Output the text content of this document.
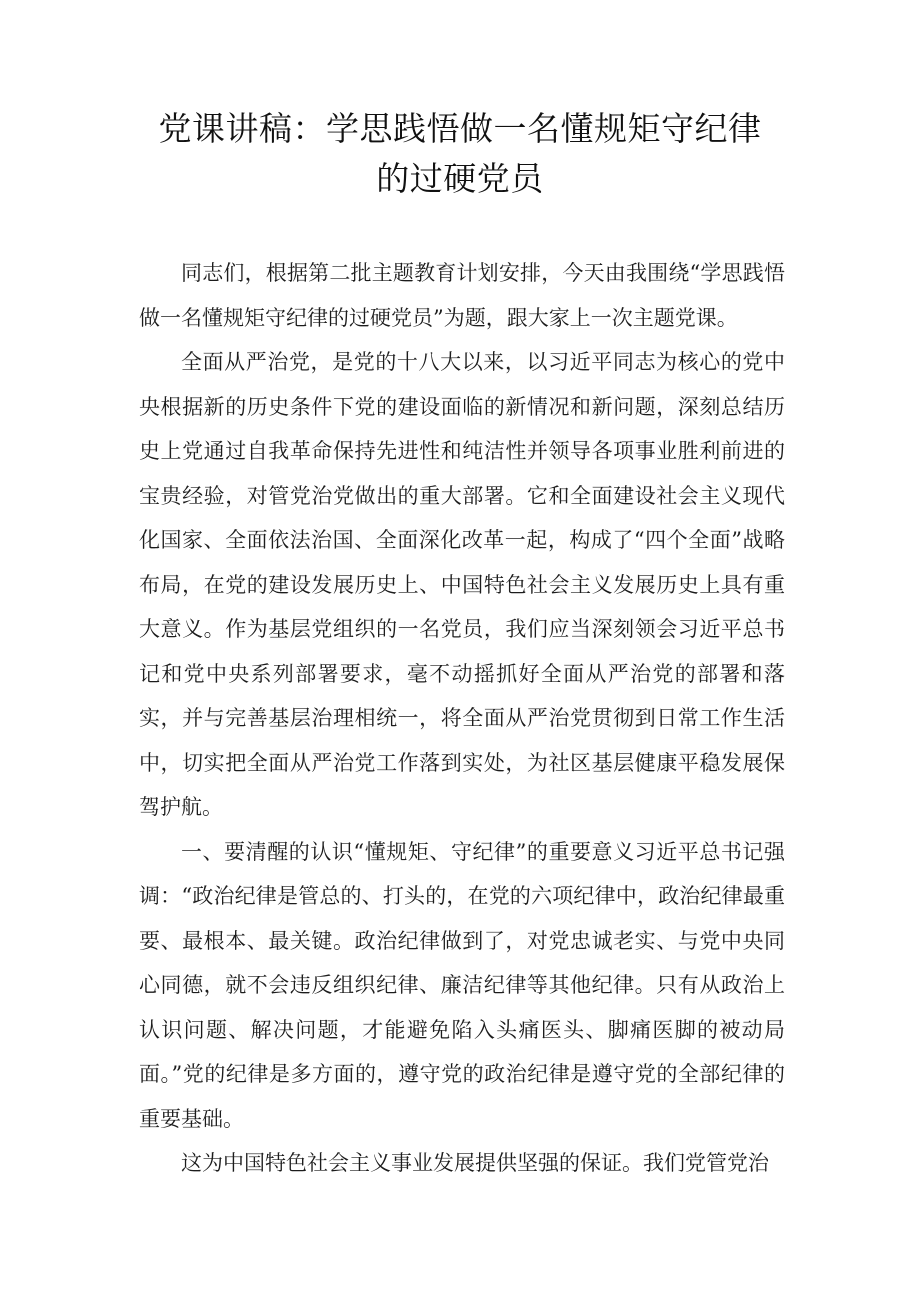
党课讲稿：学思践悟做一名懂规矩守纪律
的过硬党员

同志们，根据第二批主题教育计划安排，今天由我围绕“学思践悟做一名懂规矩守纪律的过硬党员”为题，跟大家上一次主题党课。

全面从严治党，是党的十八大以来，以习近平同志为核心的党中央根据新的历史条件下党的建设面临的新情况和新问题，深刻总结历史上党通过自我革命保持先进性和纯洁性并领导各项事业胜利前进的宝贵经验，对管党治党做出的重大部署。它和全面建设社会主义现代化国家、全面依法治国、全面深化改革一起，构成了“四个全面”战略布局，在党的建设发展历史上、中国特色社会主义发展历史上具有重大意义。作为基层党组织的一名党员，我们应当深刻领会习近平总书记和党中央系列部署要求，毫不动摇抓好全面从严治党的部署和落实，并与完善基层治理相统一，将全面从严治党贯彻到日常工作生活中，切实把全面从严治党工作落到实处，为社区基层健康平稳发展保驾护航。

一、要清醒的认识“懂规矩、守纪律”的重要意义习近平总书记强调：“政治纪律是管总的、打头的，在党的六项纪律中，政治纪律最重要、最根本、最关键。政治纪律做到了，对党忠诚老实、与党中央同心同德，就不会违反组织纪律、廉洁纪律等其他纪律。只有从政治上认识问题、解决问题，才能避免陷入头痛医头、脚痛医脚的被动局面。”党的纪律是多方面的，遵守党的政治纪律是遵守党的全部纪律的重要基础。

这为中国特色社会主义事业发展提供坚强的保证。我们党管党治
